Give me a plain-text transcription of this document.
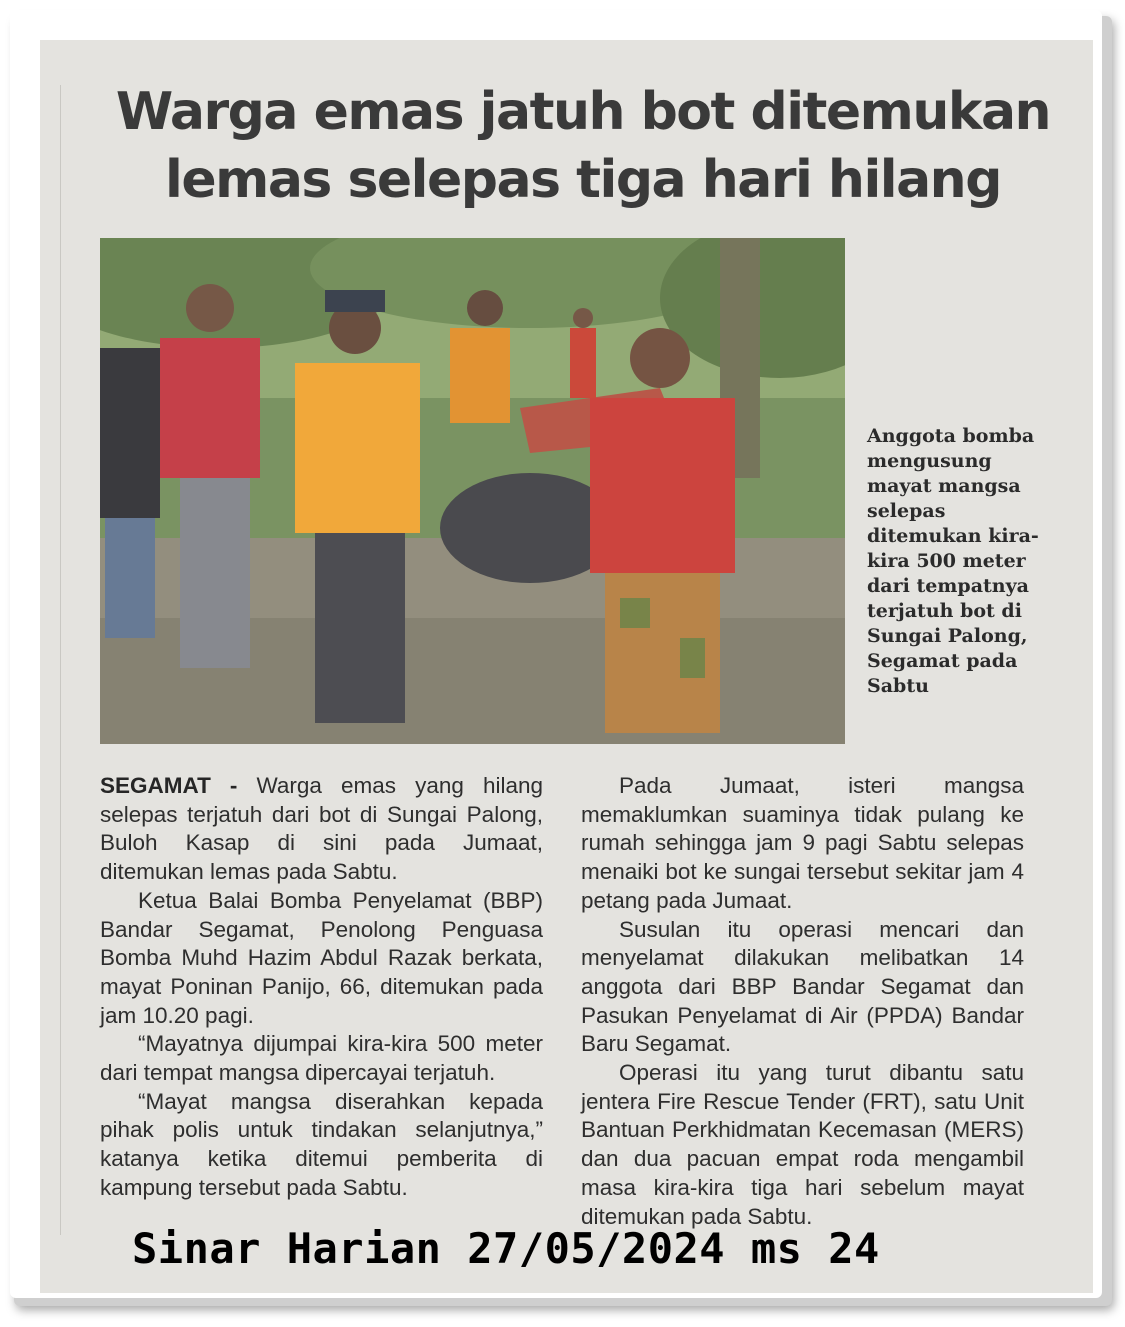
Warga emas jatuh bot ditemukan
lemas selepas tiga hari hilang
Anggota bomba mengusung mayat mangsa selepas ditemukan kira-kira 500 meter dari tempatnya terjatuh bot di Sungai Palong, Segamat pada Sabtu

SEGAMAT - Warga emas yang hilang selepas terjatuh dari bot di Sungai Palong, Buloh Kasap di sini pada Jumaat, ditemukan lemas pada Sabtu.

Ketua Balai Bomba Penyelamat (BBP) Bandar Segamat, Penolong Penguasa Bomba Muhd Hazim Abdul Razak berkata, mayat Poninan Panijo, 66, ditemukan pada jam 10.20 pagi.

“Mayatnya dijumpai kira-kira 500 meter dari tempat mangsa dipercayai terjatuh.

“Mayat mangsa diserahkan kepada pihak polis untuk tindakan selanjutnya,” katanya ketika ditemui pemberita di kampung tersebut pada Sabtu.

Pada Jumaat, isteri mangsa memaklumkan suaminya tidak pulang ke rumah sehingga jam 9 pagi Sabtu selepas menaiki bot ke sungai tersebut sekitar jam 4 petang pada Jumaat.

Susulan itu operasi mencari dan menyelamat dilakukan melibatkan 14 anggota dari BBP Bandar Segamat dan Pasukan Penyelamat di Air (PPDA) Bandar Baru Segamat.

Operasi itu yang turut dibantu satu jentera Fire Rescue Tender (FRT), satu Unit Bantuan Perkhidmatan Kecemasan (MERS) dan dua pacuan empat roda mengambil masa kira-kira tiga hari sebelum mayat ditemukan pada Sabtu.

Sinar Harian 27/05/2024 ms 24
